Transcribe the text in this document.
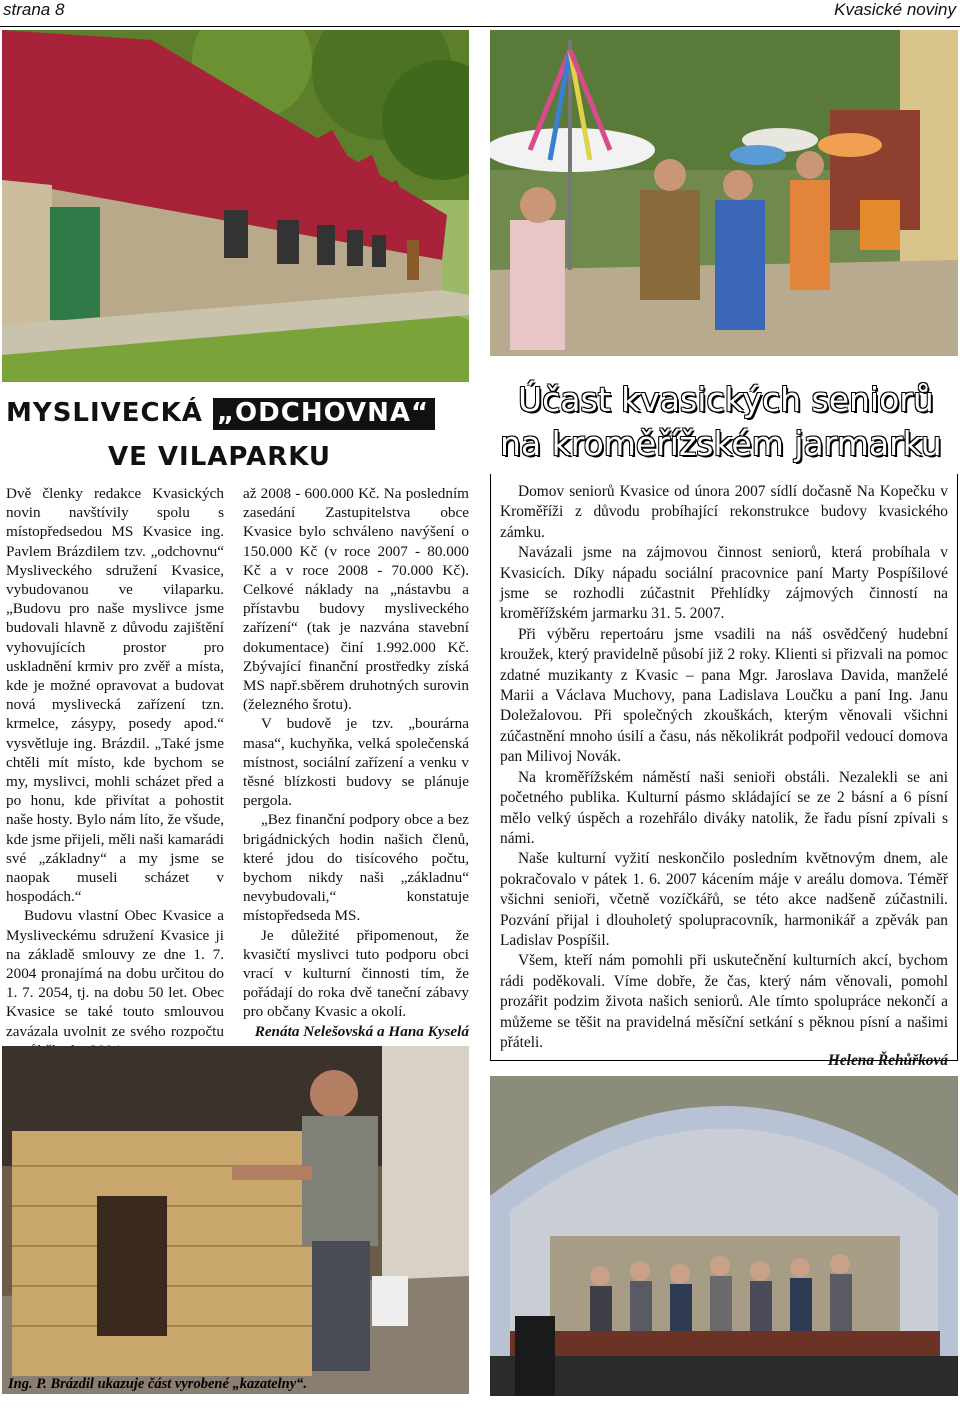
strana 8	Kvasické noviny
MYSLIVECKÁ „ODCHOVNA“
VE VILAPARKU

Dvě členky redakce Kvasických novin navštívily spolu s místopředsedou MS Kvasice ing. Pavlem Brázdilem tzv. „odchovnu“ Mysliveckého sdružení Kvasice, vybudovanou ve vilaparku. „Budovu pro naše myslivce jsme budovali hlavně z důvodu zajištění vyhovujících prostor pro uskladnění krmiv pro zvěř a místa, kde je možné opravovat a budovat nová myslivecká zařízení tzn. krmelce, zásypy, posedy apod.“ vysvětluje ing. Brázdil. „Také jsme chtěli mít místo, kde bychom se my, myslivci, mohli scházet před a po honu, kde přivítat a pohostit naše hosty. Bylo nám líto, že všude, kde jsme přijeli, měli naši kamarádi své „základny“ a my jsme se naopak museli scházet v hospodách.“

Budovu vlastní Obec Kvasice a Mysliveckému sdružení Kvasice ji na základě smlouvy ze dne 1. 7. 2004 pronajímá na dobu určitou do 1. 7. 2054, tj. na dobu 50 let. Obec Kvasice se také touto smlouvou zavázala uvolnit ze svého rozpočtu

až 2008 - 600.000 Kč. Na posledním zasedání Zastupitelstva obce Kvasice bylo schváleno navýšení o 150.000 Kč (v roce 2007 - 80.000 Kč a v roce 2008 - 70.000 Kč). Celkové náklady na „nástavbu a přístavbu budovy mysliveckého zařízení“ (tak je nazvána stavební dokumentace) činí 1.992.000 Kč. Zbývající finanční prostředky získá MS např.sběrem druhotných surovin (železného šrotu).

V budově je tzv. „bourárna masa“, kuchyňka, velká společenská místnost, sociální zařízení a venku v těsné blízkosti budovy se plánuje pergola.

„Bez finanční podpory obce a bez brigádnických hodin našich členů, které jdou do tisícového počtu, bychom nikdy naši „základnu“ nevybudovali,“ konstatuje místopředseda MS.

Je důležité připomenout, že kvasičtí myslivci tuto podporu obci vrací v kulturní činnosti tím, že pořádají do roka dvě taneční zábavy pro občany Kvasic a okolí.

Renáta Nelešovská a Hana Kyselá

Účast kvasických seniorů
na kroměřížském jarmarku

Domov seniorů Kvasice od února 2007 sídlí dočasně Na Kopečku v Kroměříži z důvodu probíhající rekonstrukce budovy kvasického zámku.

Navázali jsme na zájmovou činnost seniorů, která probíhala v Kvasicích. Díky nápadu sociální pracovnice paní Marty Pospíšilové jsme se rozhodli zúčastnit Přehlídky zájmových činností na kroměřížském jarmarku 31. 5. 2007.

Při výběru repertoáru jsme vsadili na náš osvědčený hudební kroužek, který pravidelně působí již 2 roky. Klienti si přizvali na pomoc zdatné muzikanty z Kvasic – pana Mgr. Jaroslava Davida, manželé Marii a Václava Muchovy, pana Ladislava Loučku a paní Ing. Janu Doležalovou. Při společných zkouškách, kterým věnovali všichni zúčastnění mnoho úsilí a času, nás několikrát podpořil vedoucí domova pan Milivoj Novák.

Na kroměřížském náměstí naši senioři obstáli. Nezalekli se ani početného publika. Kulturní pásmo skládající se ze 2 básní a 6 písní mělo velký úspěch a rozehřálo diváky natolik, že řadu písní zpívali s námi.

Naše kulturní vyžití neskončilo posledním květnovým dnem, ale pokračovalo v pátek 1. 6. 2007 kácením máje v areálu domova. Téměř všichni senioři, včetně vozíčkářů, se této akce nadšeně zúčastnili. Pozvání přijal i dlouholetý spolupracovník, harmonikář a zpěvák pan Ladislav Pospíšil.

Všem, kteří nám pomohli při uskutečnění kulturních akcí, bychom rádi poděkovali. Víme dobře, že čas, který nám věnovali, pomohl prozářit podzim života našich seniorů. Ale tímto spolupráce nekončí a můžeme se těšit na pravidelná měsíční setkání s pěknou písní a našimi přáteli.

Helena Řehůřková

Ing. P. Brázdil ukazuje část vyrobené „kazatelny“.
